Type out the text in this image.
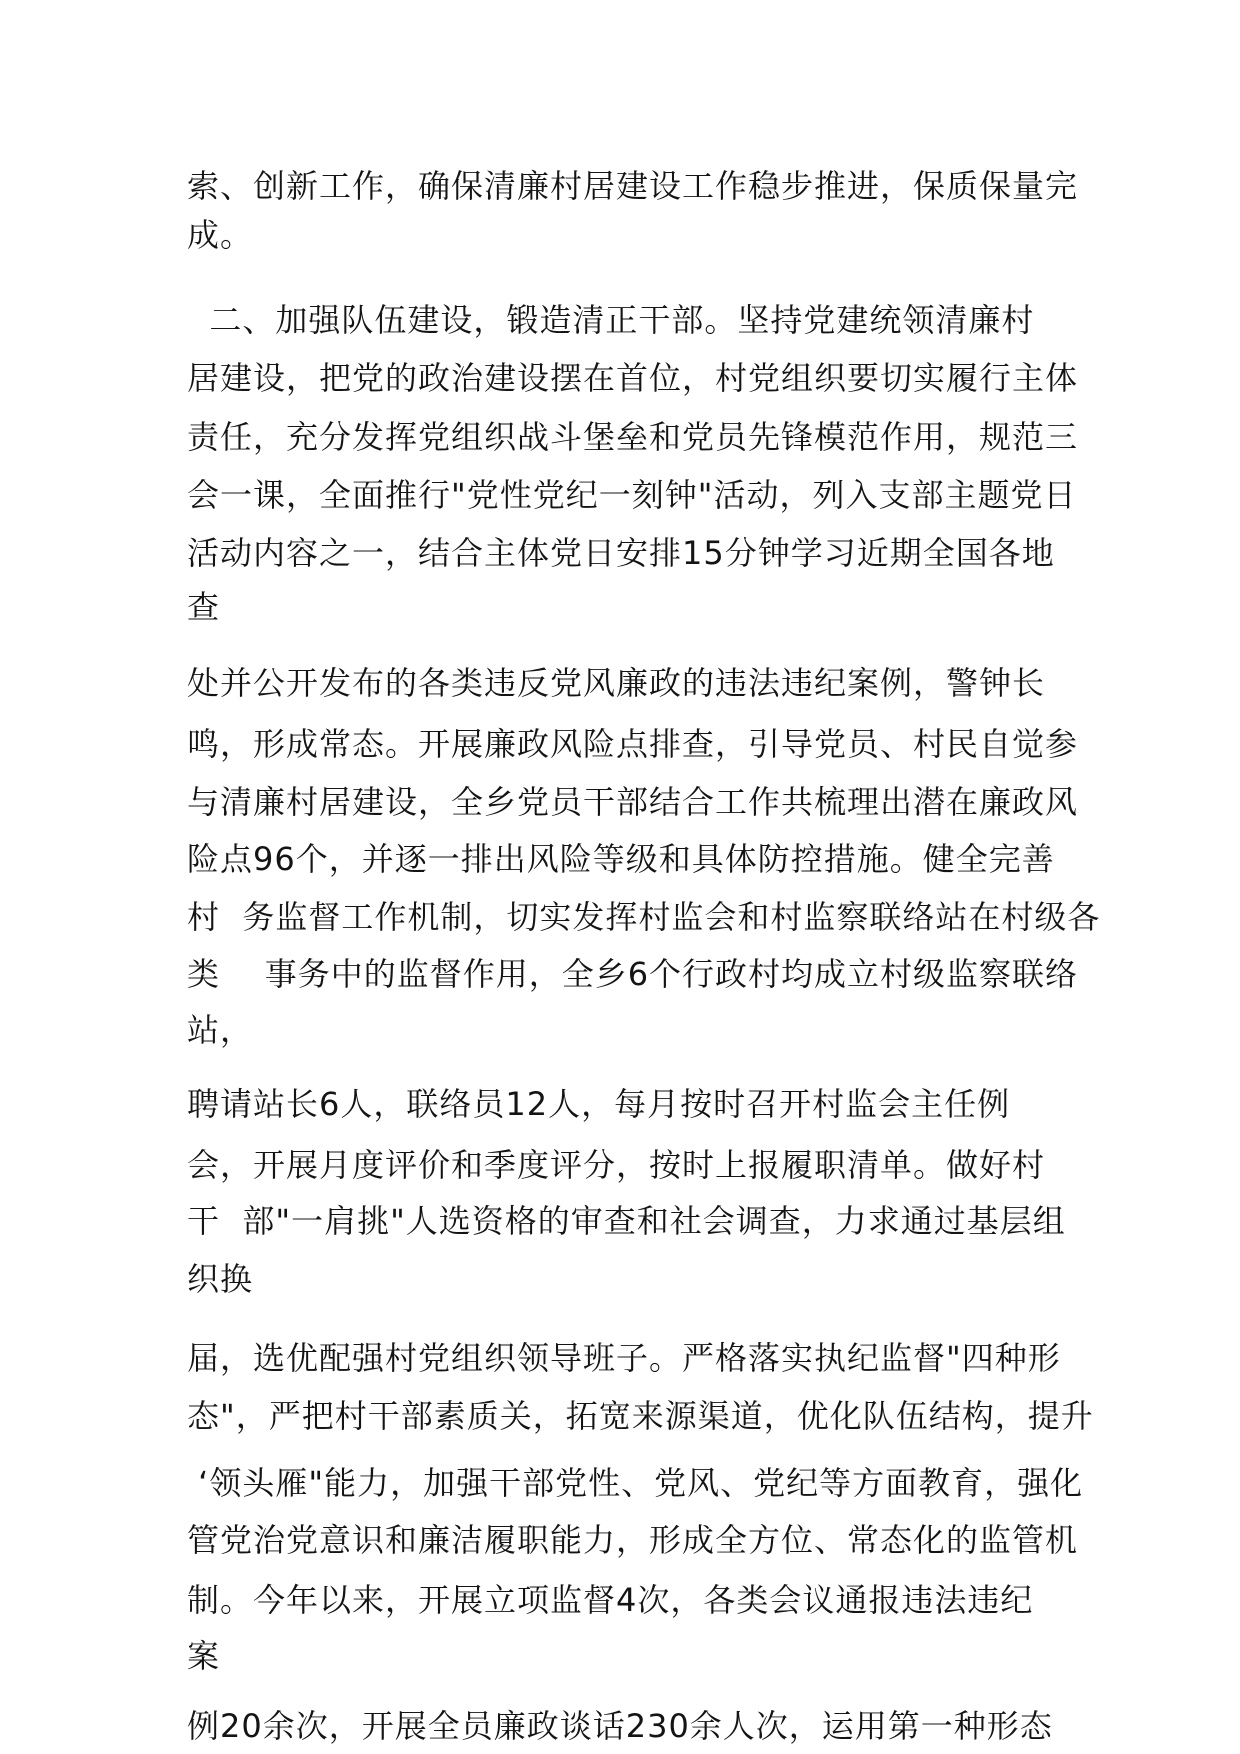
索、创新工作，确保清廉村居建设工作稳步推进，保质保量完
成。
二、加强队伍建设，锻造清正干部。坚持党建统领清廉村
居建设，把党的政治建设摆在首位，村党组织要切实履行主体
责任，充分发挥党组织战斗堡垒和党员先锋模范作用，规范三
会一课，全面推行"党性党纪一刻钟"活动，列入支部主题党日
活动内容之一，结合主体党日安排15分钟学习近期全国各地
查
处并公开发布的各类违反党风廉政的违法违纪案例，警钟长
鸣，形成常态。开展廉政风险点排查，引导党员、村民自觉参
与清廉村居建设，全乡党员干部结合工作共梳理出潜在廉政风
险点96个，并逐一排出风险等级和具体防控措施。健全完善
村  务监督工作机制，切实发挥村监会和村监察联络站在村级各
类    事务中的监督作用，全乡6个行政村均成立村级监察联络
站，
聘请站长6人，联络员12人，每月按时召开村监会主任例
会，开展月度评价和季度评分，按时上报履职清单。做好村
干  部"一肩挑"人选资格的审查和社会调查，力求通过基层组
织换
届，选优配强村党组织领导班子。严格落实执纪监督"四种形
态"，严把村干部素质关，拓宽来源渠道，优化队伍结构，提升
‘领头雁"能力，加强干部党性、党风、党纪等方面教育，强化
管党治党意识和廉洁履职能力，形成全方位、常态化的监管机
制。今年以来，开展立项监督4次，各类会议通报违法违纪
案
例20余次，开展全员廉政谈话230余人次，运用第一种形态
